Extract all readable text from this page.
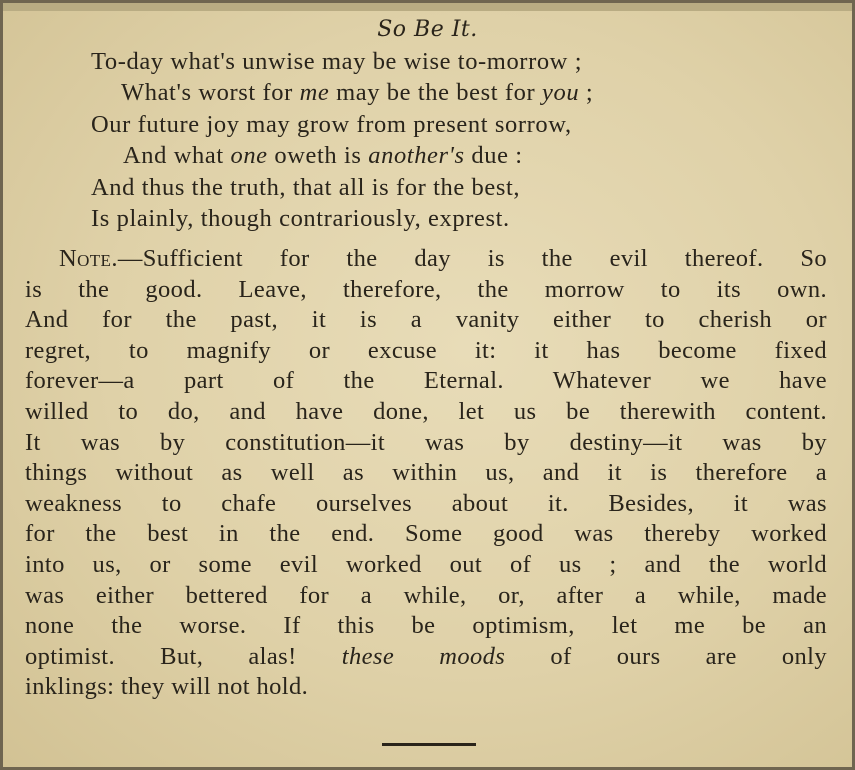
So Be It.
To-day what's unwise may be wise to-morrow ;
What's worst for me may be the best for you ;
Our future joy may grow from present sorrow,
And what one oweth is another's due :
And thus the truth, that all is for the best,
Is plainly, though contrariously, exprest.
Note.—Sufficient for the day is the evil thereof. So
is the good. Leave, therefore, the morrow to its own.
And for the past, it is a vanity either to cherish or
regret, to magnify or excuse it: it has become fixed
forever—a part of the Eternal. Whatever we have
willed to do, and have done, let us be therewith content.
It was by constitution—it was by destiny—it was by
things without as well as within us, and it is therefore a
weakness to chafe ourselves about it. Besides, it was
for the best in the end. Some good was thereby worked
into us, or some evil worked out of us ; and the world
was either bettered for a while, or, after a while, made
none the worse. If this be optimism, let me be an
optimist. But, alas! these moods of ours are only
inklings: they will not hold.
